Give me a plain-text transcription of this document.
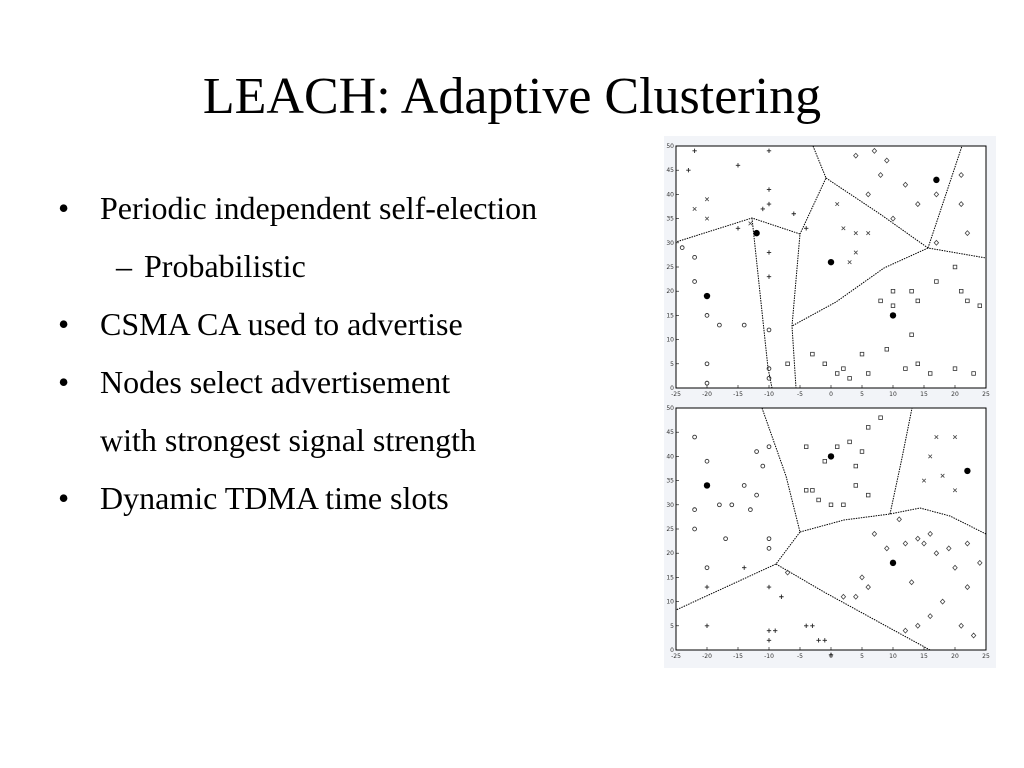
LEACH: Adaptive Clustering
• Periodic independent self-election
– Probabilistic
• CSMA CA used to advertise
• Nodes select advertisement
with strongest signal strength
• Dynamic TDMA time slots
-25	-20	-15	-10	-5	0	5	10	15	20	25
0
5
10
15
20
25
30
35
40
45
50
-25	-20	-15	-10	-5	0	5	10	15	20	25
0
5
10
15
20
25
30
35
40
45
50
